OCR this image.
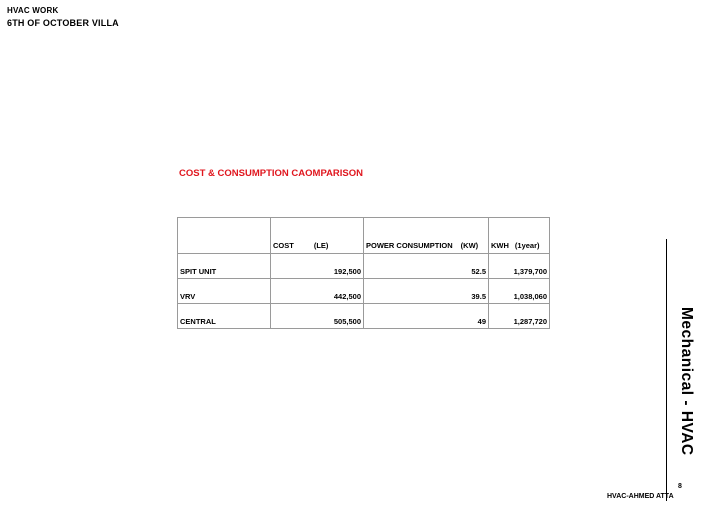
HVAC WORK
6TH OF OCTOBER VILLA
COST & CONSUMPTION CAOMPARISON
	COST (LE)	POWER CONSUMPTION (KW)	KWH (1year)
SPIT UNIT	192,500	52.5	1,379,700
VRV	442,500	39.5	1,038,060
CENTRAL	505,500	49	1,287,720	Mechanical - HVAC
8
HVAC-AHMED ATTA
